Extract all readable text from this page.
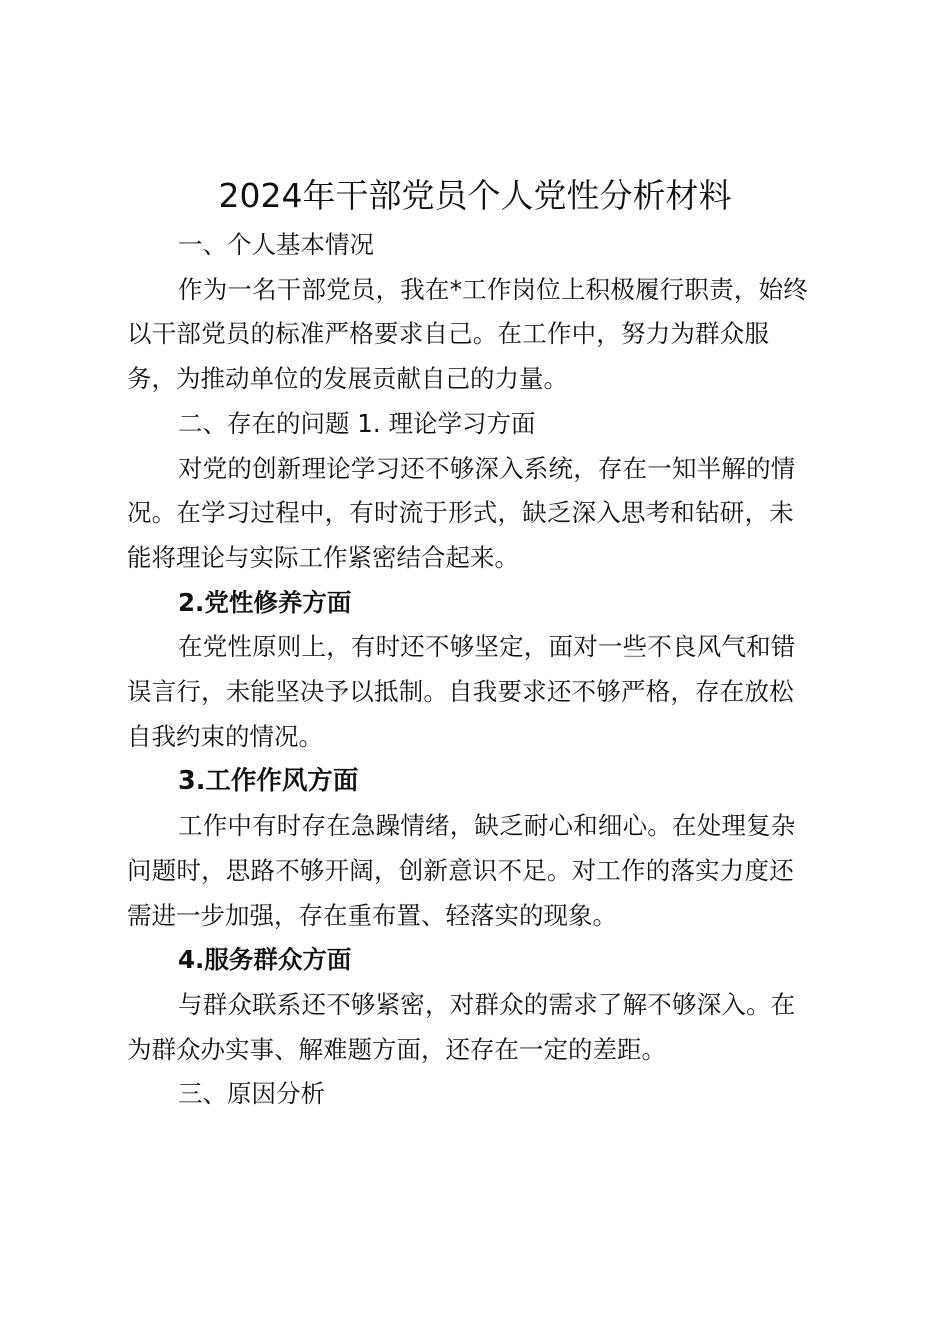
2024年干部党员个人党性分析材料

一、个人基本情况

作为一名干部党员，我在*工作岗位上积极履行职责，始终

以干部党员的标准严格要求自己。在工作中，努力为群众服

务，为推动单位的发展贡献自己的力量。

二、存在的问题 1. 理论学习方面

对党的创新理论学习还不够深入系统，存在一知半解的情

况。在学习过程中，有时流于形式，缺乏深入思考和钻研，未

能将理论与实际工作紧密结合起来。

2.党性修养方面

在党性原则上，有时还不够坚定，面对一些不良风气和错

误言行，未能坚决予以抵制。自我要求还不够严格，存在放松

自我约束的情况。

3.工作作风方面

工作中有时存在急躁情绪，缺乏耐心和细心。在处理复杂

问题时，思路不够开阔，创新意识不足。对工作的落实力度还

需进一步加强，存在重布置、轻落实的现象。

4.服务群众方面

与群众联系还不够紧密，对群众的需求了解不够深入。在

为群众办实事、解难题方面，还存在一定的差距。

三、原因分析
